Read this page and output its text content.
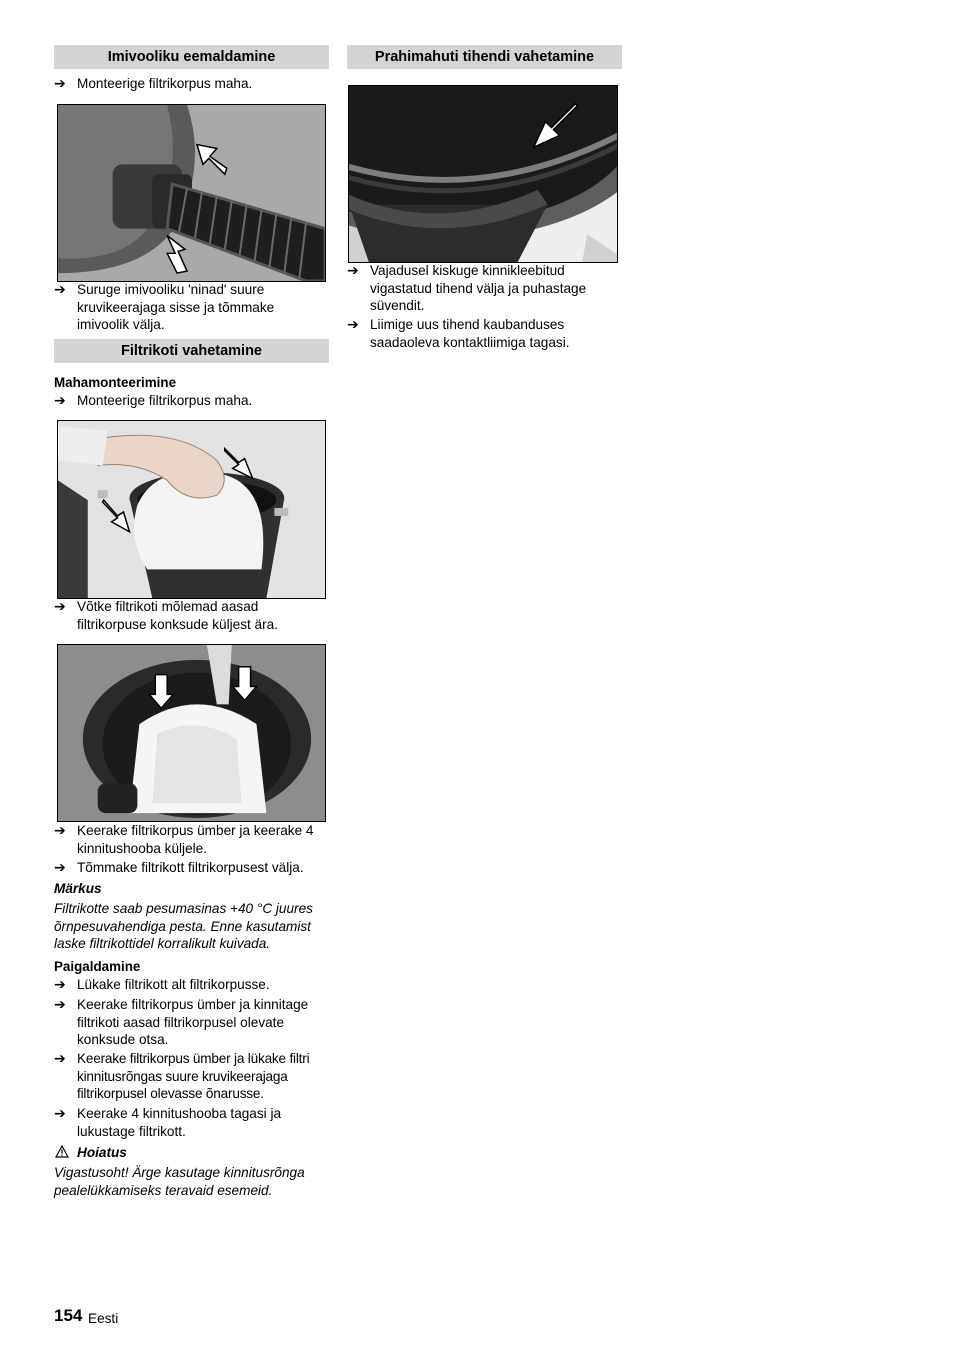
Imivooliku eemaldamine
➔ Monteerige filtrikorpus maha.
➔ Suruge imivooliku 'ninad' suure kruvikeerajaga sisse ja tõmmake imivoolik välja.
Filtrikoti vahetamine
Mahamonteerimine
➔ Monteerige filtrikorpus maha.
➔ Võtke filtrikoti mõlemad aasad filtrikorpuse konksude küljest ära.
➔ Keerake filtrikorpus ümber ja keerake 4 kinnitushooba küljele.
➔ Tõmmake filtrikott filtrikorpusest välja.
Märkus
Filtrikotte saab pesumasinas +40 °C juures õrnpesuvahendiga pesta. Enne kasutamist laske filtrikottidel korralikult kuivada.
Paigaldamine
➔ Lükake filtrikott alt filtrikorpusse.
➔ Keerake filtrikorpus ümber ja kinnitage filtrikoti aasad filtrikorpusel olevate konksude otsa.
➔ Keerake filtrikorpus ümber ja lükake filtri kinnitusrõngas suure kruvikeerajaga filtrikorpusel olevasse õnarusse.
➔ Keerake 4 kinnitushooba tagasi ja lukustage filtrikott.
Hoiatus
Vigastusoht! Ärge kasutage kinnitusrõnga pealelükkamiseks teravaid esemeid.
Prahimahuti tihendi vahetamine
➔ Vajadusel kiskuge kinnikleebitud vigastatud tihend välja ja puhastage süvendit.
➔ Liimige uus tihend kaubanduses saadaoleva kontaktliimiga tagasi.
154 Eesti
